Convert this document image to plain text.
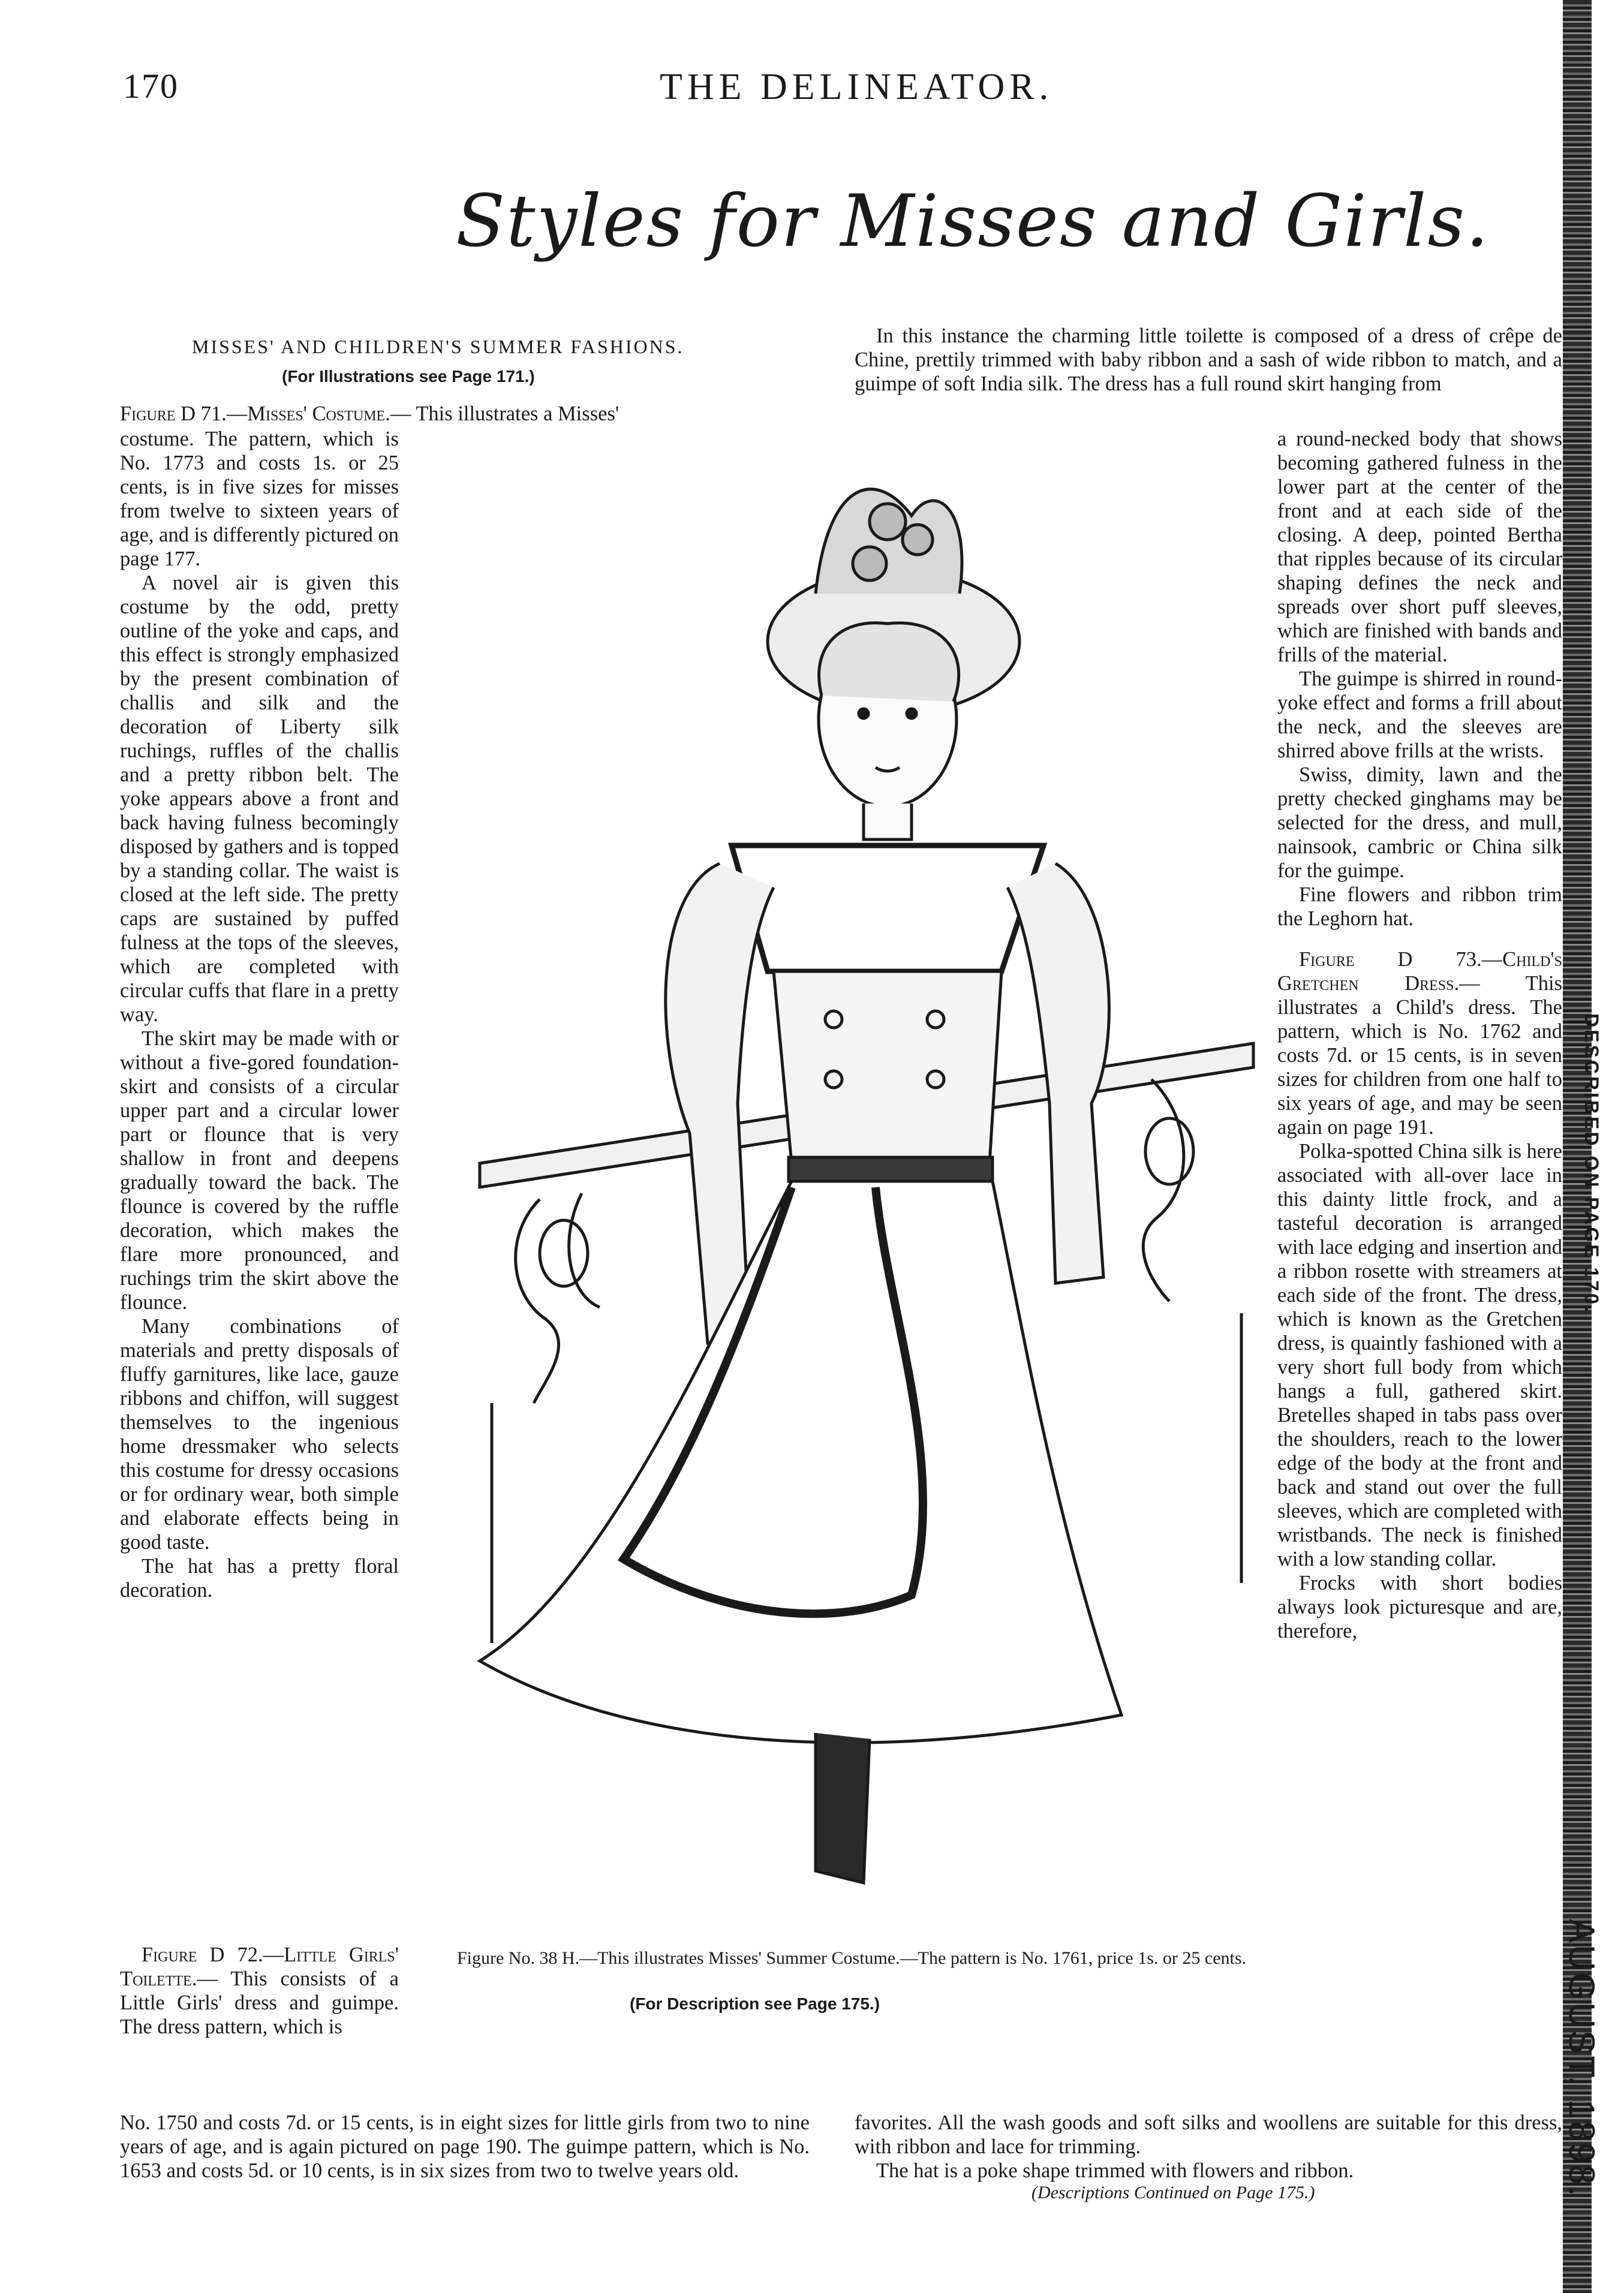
170	THE DELINEATOR.
Styles for Misses and Girls.
MISSES' AND CHILDREN'S SUMMER FASHIONS.
(For Illustrations see Page 171.)

Figure D 71.—Misses' Costume.— This illustrates a Misses'

costume. The pattern, which is No. 1773 and costs 1s. or 25 cents, is in five sizes for misses from twelve to sixteen years of age, and is differently pictured on page 177.

A novel air is given this costume by the odd, pretty outline of the yoke and caps, and this effect is strongly emphasized by the present combination of challis and silk and the decoration of Liberty silk ruchings, ruffles of the challis and a pretty ribbon belt. The yoke appears above a front and back having fulness becomingly disposed by gathers and is topped by a standing collar. The waist is closed at the left side. The pretty caps are sustained by puffed fulness at the tops of the sleeves, which are completed with circular cuffs that flare in a pretty way.

The skirt may be made with or without a five-gored foundation-skirt and consists of a circular upper part and a circular lower part or flounce that is very shallow in front and deepens gradually toward the back. The flounce is covered by the ruffle decoration, which makes the flare more pronounced, and ruchings trim the skirt above the flounce.

Many combinations of materials and pretty disposals of fluffy garnitures, like lace, gauze ribbons and chiffon, will suggest themselves to the ingenious home dressmaker who selects this costume for dressy occasions or for ordinary wear, both simple and elaborate effects being in good taste.

The hat has a pretty floral decoration.

Figure D 72.—Little Girls' Toilette.— This consists of a Little Girls' dress and guimpe. The dress pattern, which is

No. 1750 and costs 7d. or 15 cents, is in eight sizes for little girls from two to nine years of age, and is again pictured on page 190. The guimpe pattern, which is No. 1653 and costs 5d. or 10 cents, is in six sizes from two to twelve years old.

In this instance the charming little toilette is composed of a dress of crêpe de Chine, prettily trimmed with baby ribbon and a sash of wide ribbon to match, and a guimpe of soft India silk. The dress has a full round skirt hanging from

a round-necked body that shows becoming gathered fulness in the lower part at the center of the front and at each side of the closing. A deep, pointed Bertha that ripples because of its circular shaping defines the neck and spreads over short puff sleeves, which are finished with bands and frills of the material.

The guimpe is shirred in round-yoke effect and forms a frill about the neck, and the sleeves are shirred above frills at the wrists.

Swiss, dimity, lawn and the pretty checked ginghams may be selected for the dress, and mull, nainsook, cambric or China silk for the guimpe.

Fine flowers and ribbon trim the Leghorn hat.

Figure D 73.—Child's Gretchen Dress.— This illustrates a Child's dress. The pattern, which is No. 1762 and costs 7d. or 15 cents, is in seven sizes for children from one half to six years of age, and may be seen again on page 191.

Polka-spotted China silk is here associated with all-over lace in this dainty little frock, and a tasteful decoration is arranged with lace edging and insertion and a ribbon rosette with streamers at each side of the front. The dress, which is known as the Gretchen dress, is quaintly fashioned with a very short full body from which hangs a full, gathered skirt. Bretelles shaped in tabs pass over the shoulders, reach to the lower edge of the body at the front and back and stand out over the full sleeves, which are completed with wristbands. The neck is finished with a low standing collar.

Frocks with short bodies always look picturesque and are, therefore,

favorites. All the wash goods and soft silks and woollens are suitable for this dress, with ribbon and lace for trimming.

The hat is a poke shape trimmed with flowers and ribbon.

(Descriptions Continued on Page 175.)
Figure No. 38 H.—This illustrates Misses' Summer Costume.—The pattern is No. 1761, price 1s. or 25 cents.
(For Description see Page 175.)
DESCRIBED ON PAGE 170.
AUGUST, 1898.
